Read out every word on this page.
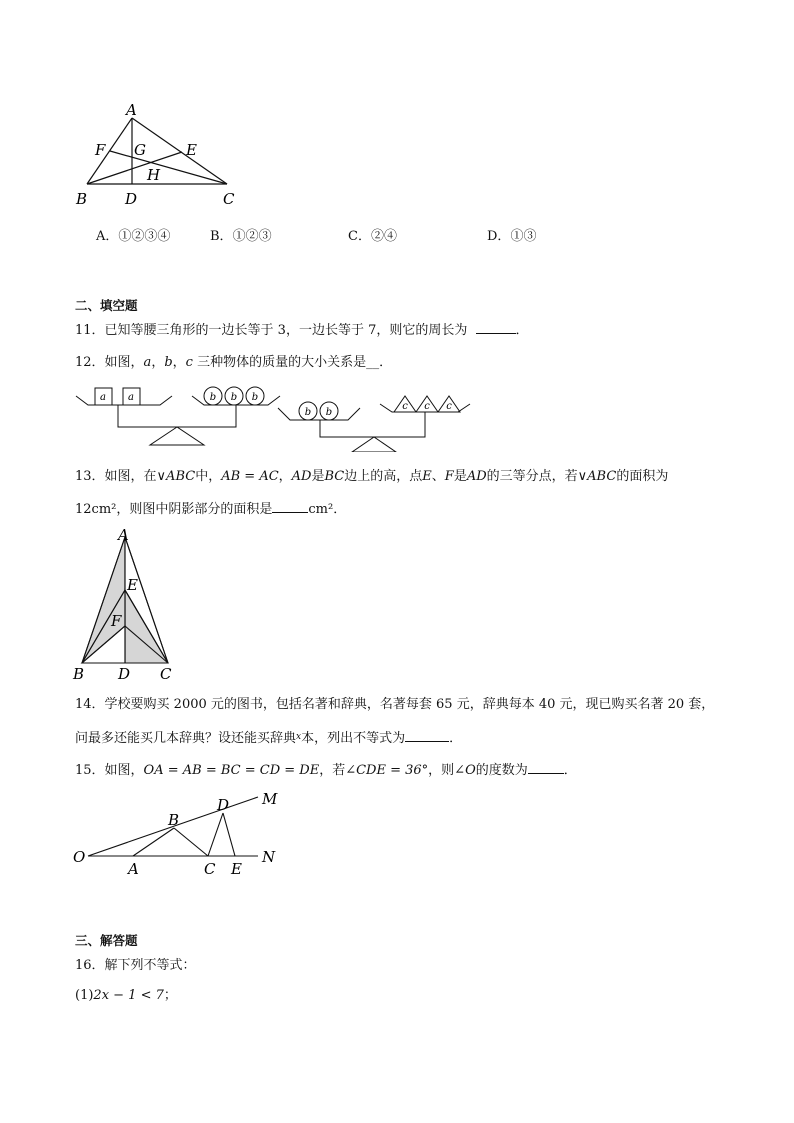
A
F G	E
H
B	D	C
A．①②③④	B．①②③	C．②④	D．①③
二、填空题
11．已知等腰三角形的一边长等于 3，一边长等于 7，则它的周长为	．
12．如图，a，b，c 三种物体的质量的大小关系是__．
a a	b b b
b b
c c c
13．如图，在∨ABC中，AB = AC，AD是BC边上的高，点E、F是AD的三等分点，若∨ABC的面积为
12cm²，则图中阴影部分的面积是	cm²．
A
E
F
B D C
14．学校要购买 2000 元的图书，包括名著和辞典，名著每套 65 元，辞典每本 40 元，现已购买名著 20 套，
问最多还能买几本辞典？设还能买辞典$^x$本，列出不等式为	．
15．如图，OA = AB = BC = CD = DE，若∠CDE = 36°，则∠O的度数为	．
O
A
B
C
D
E
M
N
三、解答题
16．解下列不等式：
(1)2x − 1 < 7；
